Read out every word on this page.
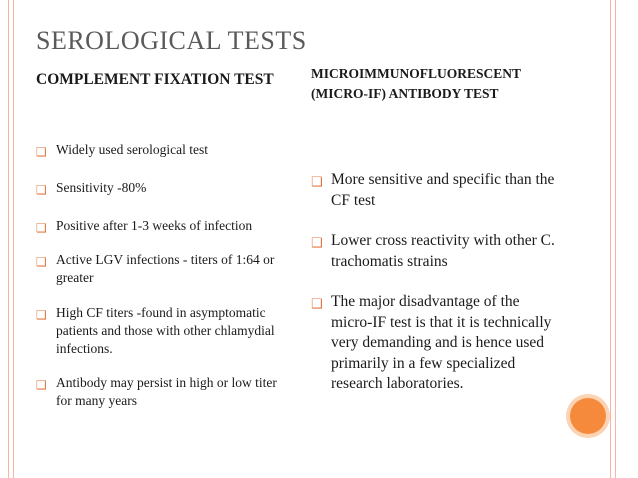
SEROLOGICAL TESTS
COMPLEMENT FIXATION TEST	MICROIMMUNOFLUORESCENT (MICRO-IF) ANTIBODY TEST
❑ Widely used serological test
❑ Sensitivity -80%
❑ Positive after 1-3 weeks of infection
❑ Active LGV infections - titers of 1:64 or greater
❑ High CF titers -found in asymptomatic patients and those with other chlamydial infections.
❑ Antibody may persist in high or low titer for many years
❑ More sensitive and specific than the CF test
❑ Lower cross reactivity with other C. trachomatis strains
❑ The major disadvantage of the micro-IF test is that it is technically very demanding and is hence used primarily in a few specialized research laboratories.
